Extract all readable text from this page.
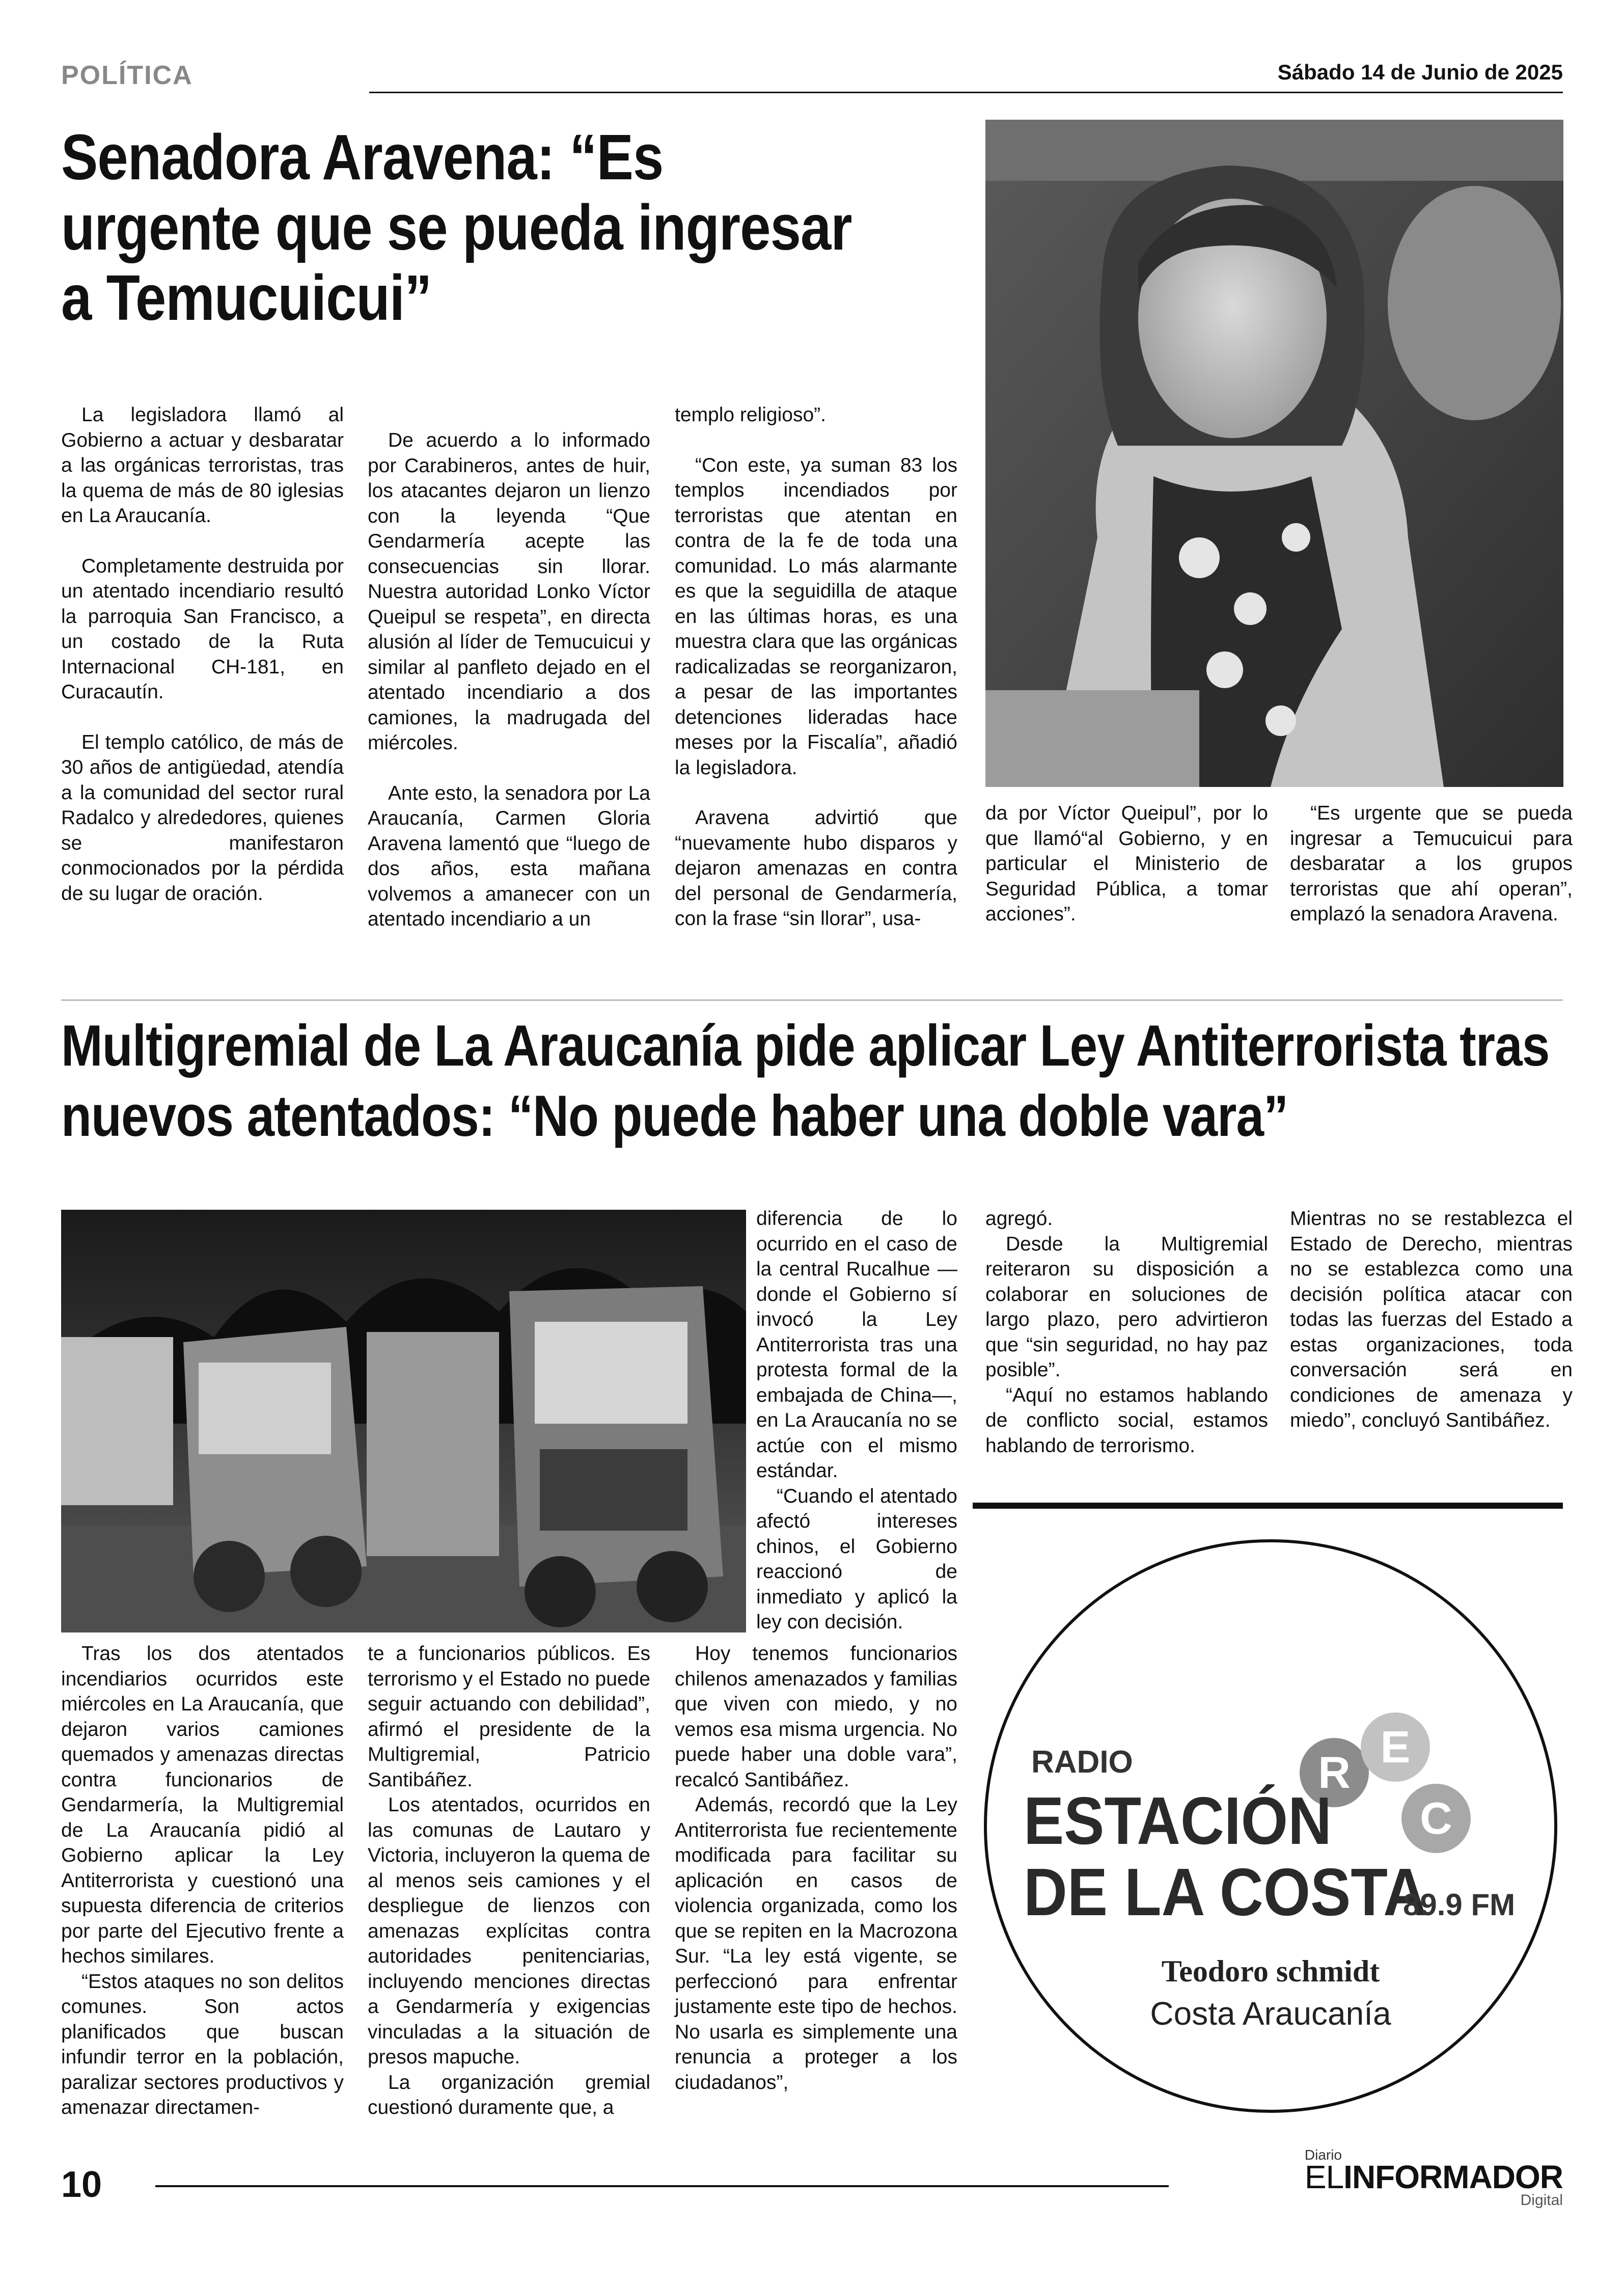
POLÍTICA	Sábado 14 de Junio de 2025
Senadora Aravena: “Es
urgente que se pueda ingresar
a Temucuicui”

La legisladora llamó al Gobierno a actuar y desbaratar a las orgánicas terroristas, tras la quema de más de 80 iglesias en La Araucanía.

Completamente destruida por un atentado incendiario resultó la parroquia San Francisco, a un costado de la Ruta Internacional CH-181, en Curacautín.

El templo católico, de más de 30 años de antigüedad, atendía a la comunidad del sector rural Radalco y alrededores, quienes se manifestaron conmocionados por la pérdida de su lugar de oración.

De acuerdo a lo informado por Carabineros, antes de huir, los atacantes dejaron un lienzo con la leyenda “Que Gendarmería acepte las consecuencias sin llorar. Nuestra autoridad Lonko Víctor Queipul se respeta”, en directa alusión al líder de Temucuicui y similar al panfleto dejado en el atentado incendiario a dos camiones, la madrugada del miércoles.

Ante esto, la senadora por La Araucanía, Carmen Gloria Aravena lamentó que “luego de dos años, esta mañana volvemos a amanecer con un atentado incendiario a un

templo religioso”.

“Con este, ya suman 83 los templos incendiados por terroristas que atentan en contra de la fe de toda una comunidad. Lo más alarmante es que la seguidilla de ataque en las últimas horas, es una muestra clara que las orgánicas radicalizadas se reorganizaron, a pesar de las importantes detenciones lideradas hace meses por la Fiscalía”, añadió la legisladora.

Aravena advirtió que “nuevamente hubo disparos y dejaron amenazas en contra del personal de Gendarmería, con la frase “sin llorar”, usa-

da por Víctor Queipul”, por lo que llamó“al Gobierno, y en particular el Ministerio de Seguridad Pública, a tomar acciones”.

“Es urgente que se pueda ingresar a Temucuicui para desbaratar a los grupos terroristas que ahí operan”, emplazó la senadora Aravena.

Multigremial de La Araucanía pide aplicar Ley Antiterrorista tras
nuevos atentados: “No puede haber una doble vara”

Tras los dos atentados incendiarios ocurridos este miércoles en La Araucanía, que dejaron varios camiones quemados y amenazas directas contra funcionarios de Gendarmería, la Multigremial de La Araucanía pidió al Gobierno aplicar la Ley Antiterrorista y cuestionó una supuesta diferencia de criterios por parte del Ejecutivo frente a hechos similares.

“Estos ataques no son delitos comunes. Son actos planificados que buscan infundir terror en la población, paralizar sectores productivos y amenazar directamen-

te a funcionarios públicos. Es terrorismo y el Estado no puede seguir actuando con debilidad”, afirmó el presidente de la Multigremial, Patricio Santibáñez.

Los atentados, ocurridos en las comunas de Lautaro y Victoria, incluyeron la quema de al menos seis camiones y el despliegue de lienzos con amenazas explícitas contra autoridades penitenciarias, incluyendo menciones directas a Gendarmería y exigencias vinculadas a la situación de presos mapuche.

La organización gremial cuestionó duramente que, a

diferencia de lo ocurrido en el caso de la central Rucalhue —donde el Gobierno sí invocó la Ley Antiterrorista tras una protesta formal de la embajada de China—, en La Araucanía no se actúe con el mismo estándar.

“Cuando el atentado afectó intereses chinos, el Gobierno reaccionó de inmediato y aplicó la ley con decisión.

Hoy tenemos funcionarios chilenos amenazados y familias que viven con miedo, y no vemos esa misma urgencia. No puede haber una doble vara”, recalcó Santibáñez.

Además, recordó que la Ley Antiterrorista fue recientemente modificada para facilitar su aplicación en casos de violencia organizada, como los que se repiten en la Macrozona Sur. “La ley está vigente, se perfeccionó para enfrentar justamente este tipo de hechos. No usarla es simplemente una renuncia a proteger a los ciudadanos”,

agregó.

Desde la Multigremial reiteraron su disposición a colaborar en soluciones de largo plazo, pero advirtieron que “sin seguridad, no hay paz posible”.

“Aquí no estamos hablando de conflicto social, estamos hablando de terrorismo.

Mientras no se restablezca el Estado de Derecho, mientras no se establezca como una decisión política atacar con todas las fuerzas del Estado a estas organizaciones, toda conversación será en condiciones de amenaza y miedo”, concluyó Santibáñez.

R
E
C
RADIO
ESTACIÓN
DE LA COSTA
89.9 FM
Teodoro schmidt
Costa Araucanía
10
Diario
ELINFORMADOR
Digital
